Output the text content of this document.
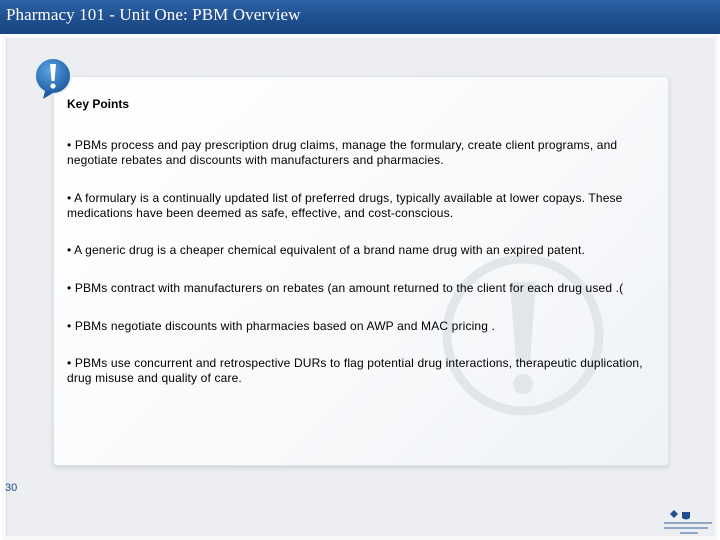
Pharmacy 101 - Unit One: PBM Overview
Key Points
• PBMs process and pay prescription drug claims, manage the formulary, create client programs, and negotiate rebates and discounts with manufacturers and pharmacies.
• A formulary is a continually updated list of preferred drugs, typically available at lower copays. These medications have been deemed as safe, effective, and cost-conscious.
• A generic drug is a cheaper chemical equivalent of a brand name drug with an expired patent.
• PBMs contract with manufacturers on rebates (an amount returned to the client for each drug used .(
• PBMs negotiate discounts with pharmacies based on AWP and MAC pricing .
• PBMs use concurrent and retrospective DURs to flag potential drug interactions, therapeutic duplication, drug misuse and quality of care.
30
